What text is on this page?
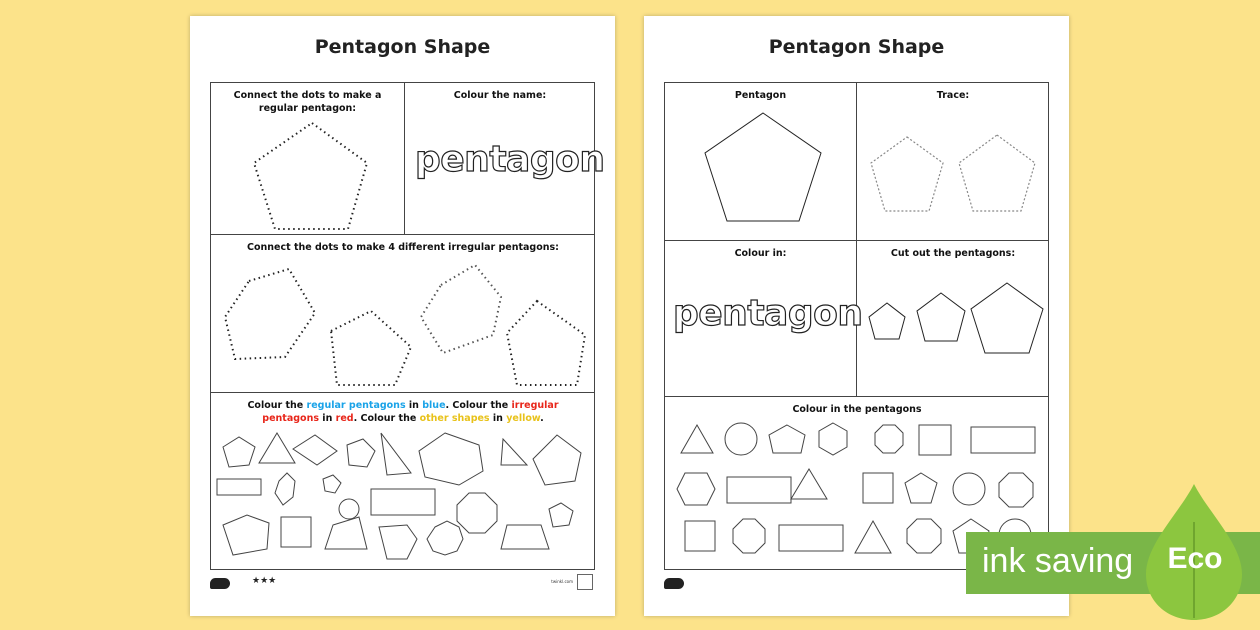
Pentagon Shape
Connect the dots to make a regular pentagon:
Colour the name:
pentagon
Connect the dots to make 4 different irregular pentagons:
Colour the regular pentagons in blue. Colour the irregular pentagons in red. Colour the other shapes in yellow.
★★★	twinkl.com
Pentagon Shape
Pentagon	Trace:
Colour in:
pentagon
Cut out the pentagons:
Colour in the pentagons
ink saving Eco
